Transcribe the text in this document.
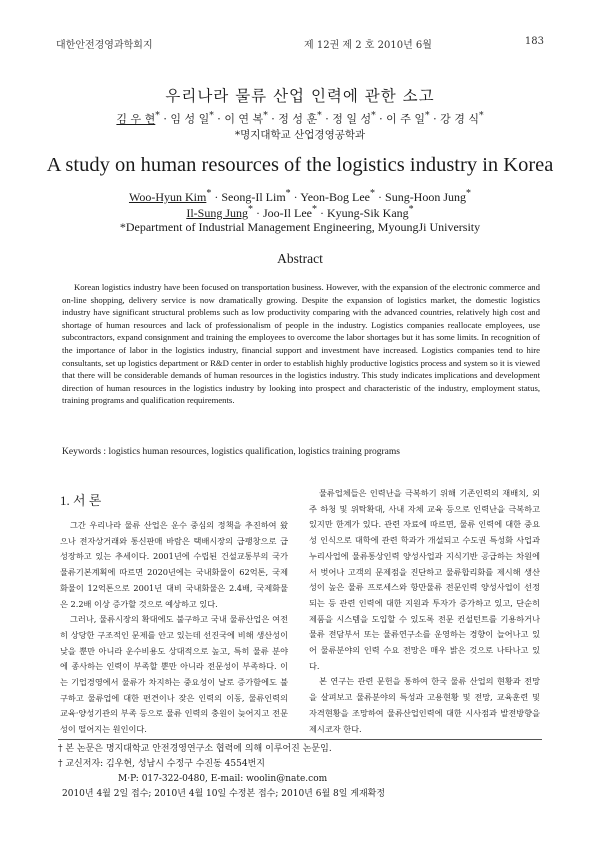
대한안전경영과학회지	제 12권 제 2 호 2010년 6월	183
우리나라 물류 산업 인력에 관한 소고
김 우 현* · 임 성 일* · 이 연 복* · 정 성 훈* · 정 일 성* · 이 주 일* · 강 경 식*
*명지대학교 산업경영공학과
A study on human resources of the logistics industry in Korea
Woo-Hyun Kim* · Seong-Il Lim* · Yeon-Bog Lee* · Sung-Hoon Jung*
Il-Sung Jung* · Joo-Il Lee* · Kyung-Sik Kang*
*Department of Industrial Management Engineering, MyoungJi University
Abstract

Korean logistics industry have been focused on transportation business. However, with the expansion of the electronic commerce and on-line shopping, delivery service is now dramatically growing. Despite the expansion of logistics market, the domestic logistics industry have significant structural problems such as low productivity comparing with the advanced countries, relatively high cost and shortage of human resources and lack of professionalism of people in the industry. Logistics companies reallocate employees, use subcontractors, expand consignment and training the employees to overcome the labor shortages but it has some limits. In recognition of the importance of labor in the logistics industry, financial support and investment have increased. Logistics companies tend to hire consultants, set up logistics department or R&D center in order to establish highly productive logistics process and system so it is viewed that there will be considerable demands of human resources in the logistics industry. This study indicates implications and development direction of human resources in the logistics industry by looking into prospect and characteristic of the industry, employment status, training programs and qualification requirements.

Keywords : logistics human resources, logistics qualification, logistics training programs

1. 서 론

그간 우리나라 물류 산업은 운수 중심의 정책을 추진하여 왔으나 전자상거래와 통신판매 바람은 택배시장의 급팽창으로 급성장하고 있는 추세이다. 2001년에 수립된 건설교통부의 국가물류기본계획에 따르면 2020년에는 국내화물이 62억톤, 국제화물이 12억톤으로 2001년 대비 국내화물은 2.4배, 국제화물은 2.2배 이상 증가할 것으로 예상하고 있다.

그러나, 물류시장의 확대에도 불구하고 국내 물류산업은 여전히 상당한 구조적인 문제를 안고 있는데 선진국에 비해 생산성이 낮을 뿐만 아니라 운수비용도 상대적으로 높고, 특히 물류 분야에 종사하는 인력이 부족할 뿐만 아니라 전문성이 부족하다. 이는 기업경영에서 물류가 차지하는 중요성이 날로 증가함에도 불구하고 물류업에 대한 편견이나 잦은 인력의 이동, 물류인력의 교육·양성기관의 부족 등으로 물류 인력의 충원이 늦어지고 전문성이 떨어지는 원인이다.

물류업체들은 인력난을 극복하기 위해 기존인력의 재배치, 외주 하청 및 위탁확대, 사내 자체 교육 등으로 인력난을 극복하고 있지만 한계가 있다. 관련 자료에 따르면, 물류 인력에 대한 중요성 인식으로 대학에 관련 학과가 개설되고 수도권 특성화 사업과 누리사업에 물류통상인력 양성사업과 지식기반 공급하는 차원에서 벗어나 고객의 문제점을 진단하고 물류합리화를 제시해 생산성이 높은 물류 프로세스와 항만물류 전문인력 양성사업이 선정되는 등 관련 인력에 대한 지원과 투자가 증가하고 있고, 단순히 제품을 시스템을 도입할 수 있도록 전문 컨설턴트를 기용하거나 물류 전담부서 또는 물류연구소를 운영하는 경향이 늘어나고 있어 물류분야의 인력 수요 전망은 매우 밝은 것으로 나타나고 있다.

본 연구는 관련 문헌을 통하여 한국 물류 산업의 현황과 전망을 살펴보고 물류분야의 특성과 고용현황 및 전망, 교육훈련 및 자격현황을 조망하여 물류산업인력에 대한 시사점과 발전방향을 제시코자 한다.

† 본 논문은 명지대학교 안전경영연구소 협력에 의해 이루어진 논문임.
† 교신저자: 김우현, 성남시 수정구 수진동 4554번지
M·P: 017-322-0480, E-mail: woolin@nate.com
2010년 4월 2일 접수; 2010년 4월 10일 수정본 접수; 2010년 6월 8일 게재확정
